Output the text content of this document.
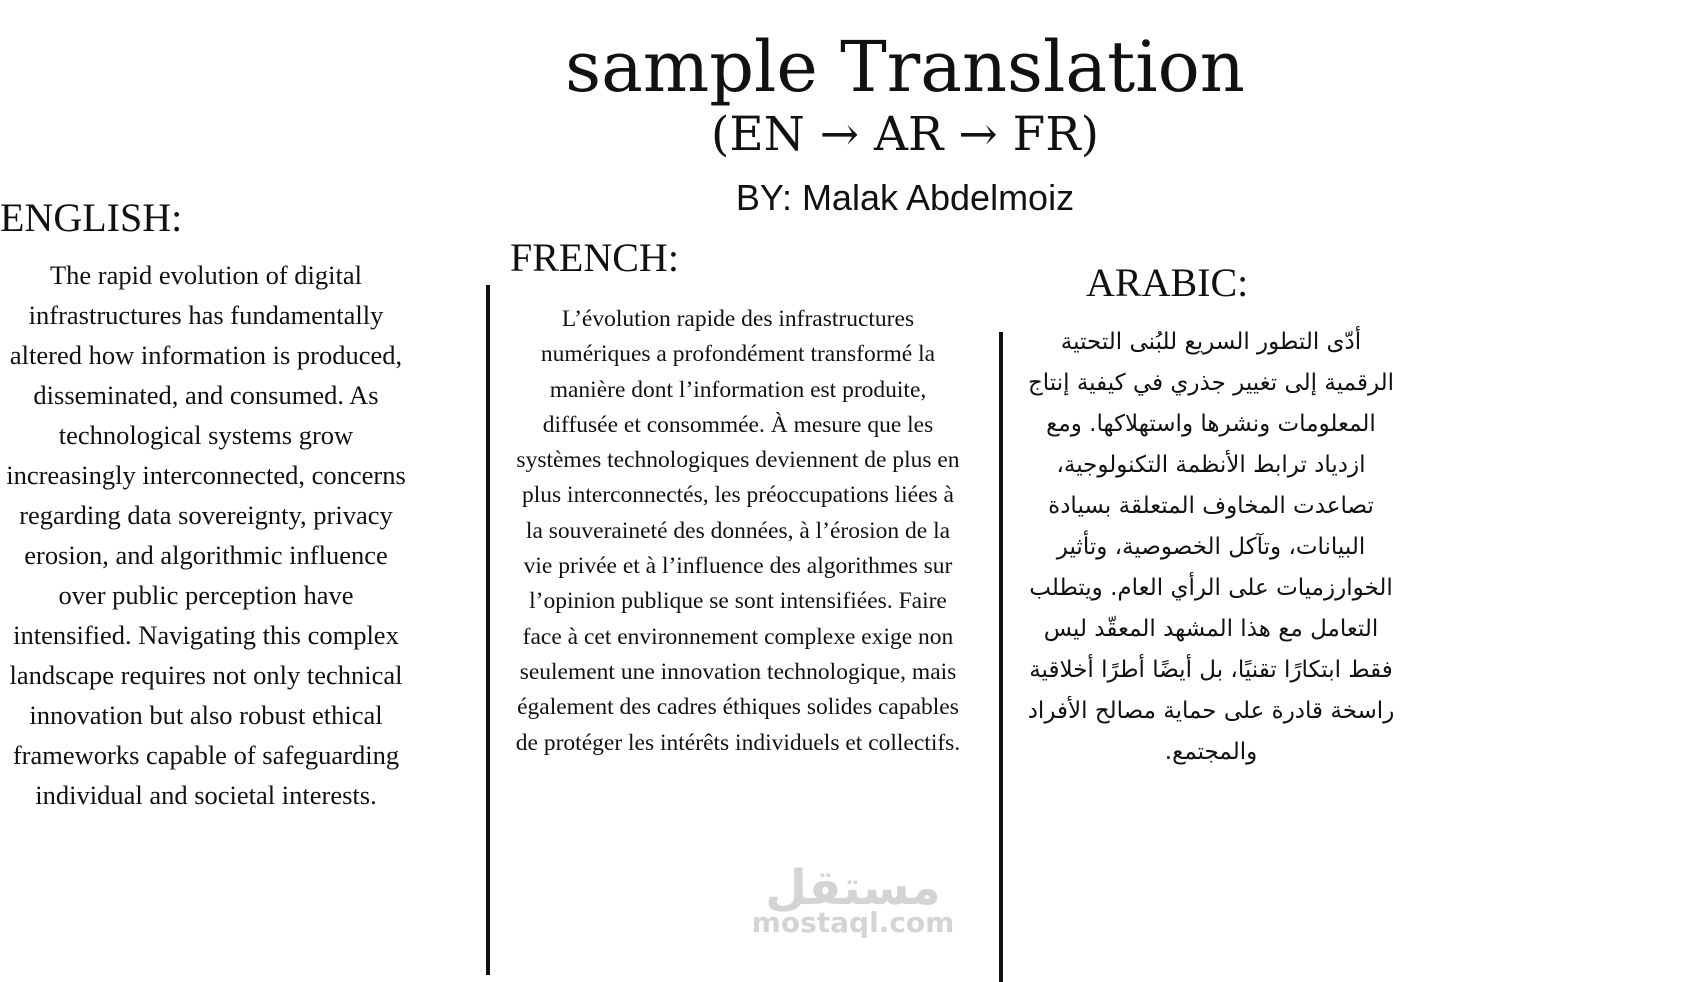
sample Translation
(EN → AR → FR)
BY: Malak Abdelmoiz
ENGLISH:

The rapid evolution of digital infrastructures has fundamentally altered how information is produced, disseminated, and consumed. As technological systems grow increasingly interconnected, concerns regarding data sovereignty, privacy erosion, and algorithmic influence over public perception have intensified. Navigating this complex landscape requires not only technical innovation but also robust ethical frameworks capable of safeguarding individual and societal interests.

FRENCH:

L’évolution rapide des infrastructures numériques a profondément transformé la manière dont l’information est produite, diffusée et consommée. À mesure que les systèmes technologiques deviennent de plus en plus interconnectés, les préoccupations liées à la souveraineté des données, à l’érosion de la vie privée et à l’influence des algorithmes sur l’opinion publique se sont intensifiées. Faire face à cet environnement complexe exige non seulement une innovation technologique, mais également des cadres éthiques solides capables de protéger les intérêts individuels et collectifs.

ARABIC:

أدّى التطور السريع للبُنى التحتية الرقمية إلى تغيير جذري في كيفية إنتاج المعلومات ونشرها واستهلاكها. ومع ازدياد ترابط الأنظمة التكنولوجية، تصاعدت المخاوف المتعلقة بسيادة البيانات، وتآكل الخصوصية، وتأثير الخوارزميات على الرأي العام. ويتطلب التعامل مع هذا المشهد المعقّد ليس فقط ابتكارًا تقنيًا، بل أيضًا أطرًا أخلاقية راسخة قادرة على حماية مصالح الأفراد والمجتمع.

مستقل
mostaql.com
